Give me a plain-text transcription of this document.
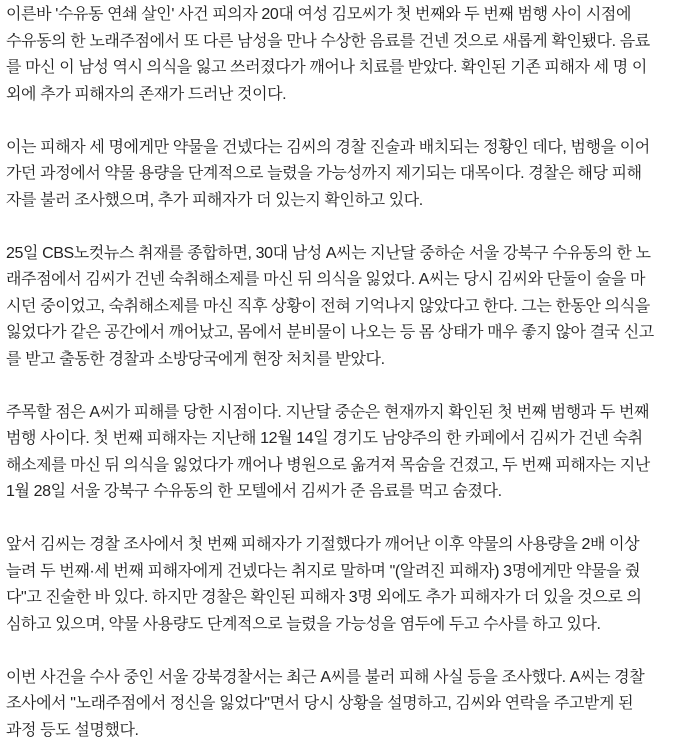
이른바 '수유동 연쇄 살인' 사건 피의자 20대 여성 김모씨가 첫 번째와 두 번째 범행 사이 시점에
수유동의 한 노래주점에서 또 다른 남성을 만나 수상한 음료를 건넨 것으로 새롭게 확인됐다. 음료
를 마신 이 남성 역시 의식을 잃고 쓰러졌다가 깨어나 치료를 받았다. 확인된 기존 피해자 세 명 이
외에 추가 피해자의 존재가 드러난 것이다.

이는 피해자 세 명에게만 약물을 건넸다는 김씨의 경찰 진술과 배치되는 정황인 데다, 범행을 이어
가던 과정에서 약물 용량을 단계적으로 늘렸을 가능성까지 제기되는 대목이다. 경찰은 해당 피해
자를 불러 조사했으며, 추가 피해자가 더 있는지 확인하고 있다.

25일 CBS노컷뉴스 취재를 종합하면, 30대 남성 A씨는 지난달 중하순 서울 강북구 수유동의 한 노
래주점에서 김씨가 건넨 숙취해소제를 마신 뒤 의식을 잃었다. A씨는 당시 김씨와 단둘이 술을 마
시던 중이었고, 숙취해소제를 마신 직후 상황이 전혀 기억나지 않았다고 한다. 그는 한동안 의식을
잃었다가 같은 공간에서 깨어났고, 몸에서 분비물이 나오는 등 몸 상태가 매우 좋지 않아 결국 신고
를 받고 출동한 경찰과 소방당국에게 현장 처치를 받았다.

주목할 점은 A씨가 피해를 당한 시점이다. 지난달 중순은 현재까지 확인된 첫 번째 범행과 두 번째
범행 사이다. 첫 번째 피해자는 지난해 12월 14일 경기도 남양주의 한 카페에서 김씨가 건넨 숙취
해소제를 마신 뒤 의식을 잃었다가 깨어나 병원으로 옮겨져 목숨을 건졌고, 두 번째 피해자는 지난
1월 28일 서울 강북구 수유동의 한 모텔에서 김씨가 준 음료를 먹고 숨졌다.

앞서 김씨는 경찰 조사에서 첫 번째 피해자가 기절했다가 깨어난 이후 약물의 사용량을 2배 이상
늘려 두 번째·세 번째 피해자에게 건넸다는 취지로 말하며 "(알려진 피해자) 3명에게만 약물을 줬
다"고 진술한 바 있다. 하지만 경찰은 확인된 피해자 3명 외에도 추가 피해자가 더 있을 것으로 의
심하고 있으며, 약물 사용량도 단계적으로 늘렸을 가능성을 염두에 두고 수사를 하고 있다.

이번 사건을 수사 중인 서울 강북경찰서는 최근 A씨를 불러 피해 사실 등을 조사했다. A씨는 경찰
조사에서 "노래주점에서 정신을 잃었다"면서 당시 상황을 설명하고, 김씨와 연락을 주고받게 된
과정 등도 설명했다.
